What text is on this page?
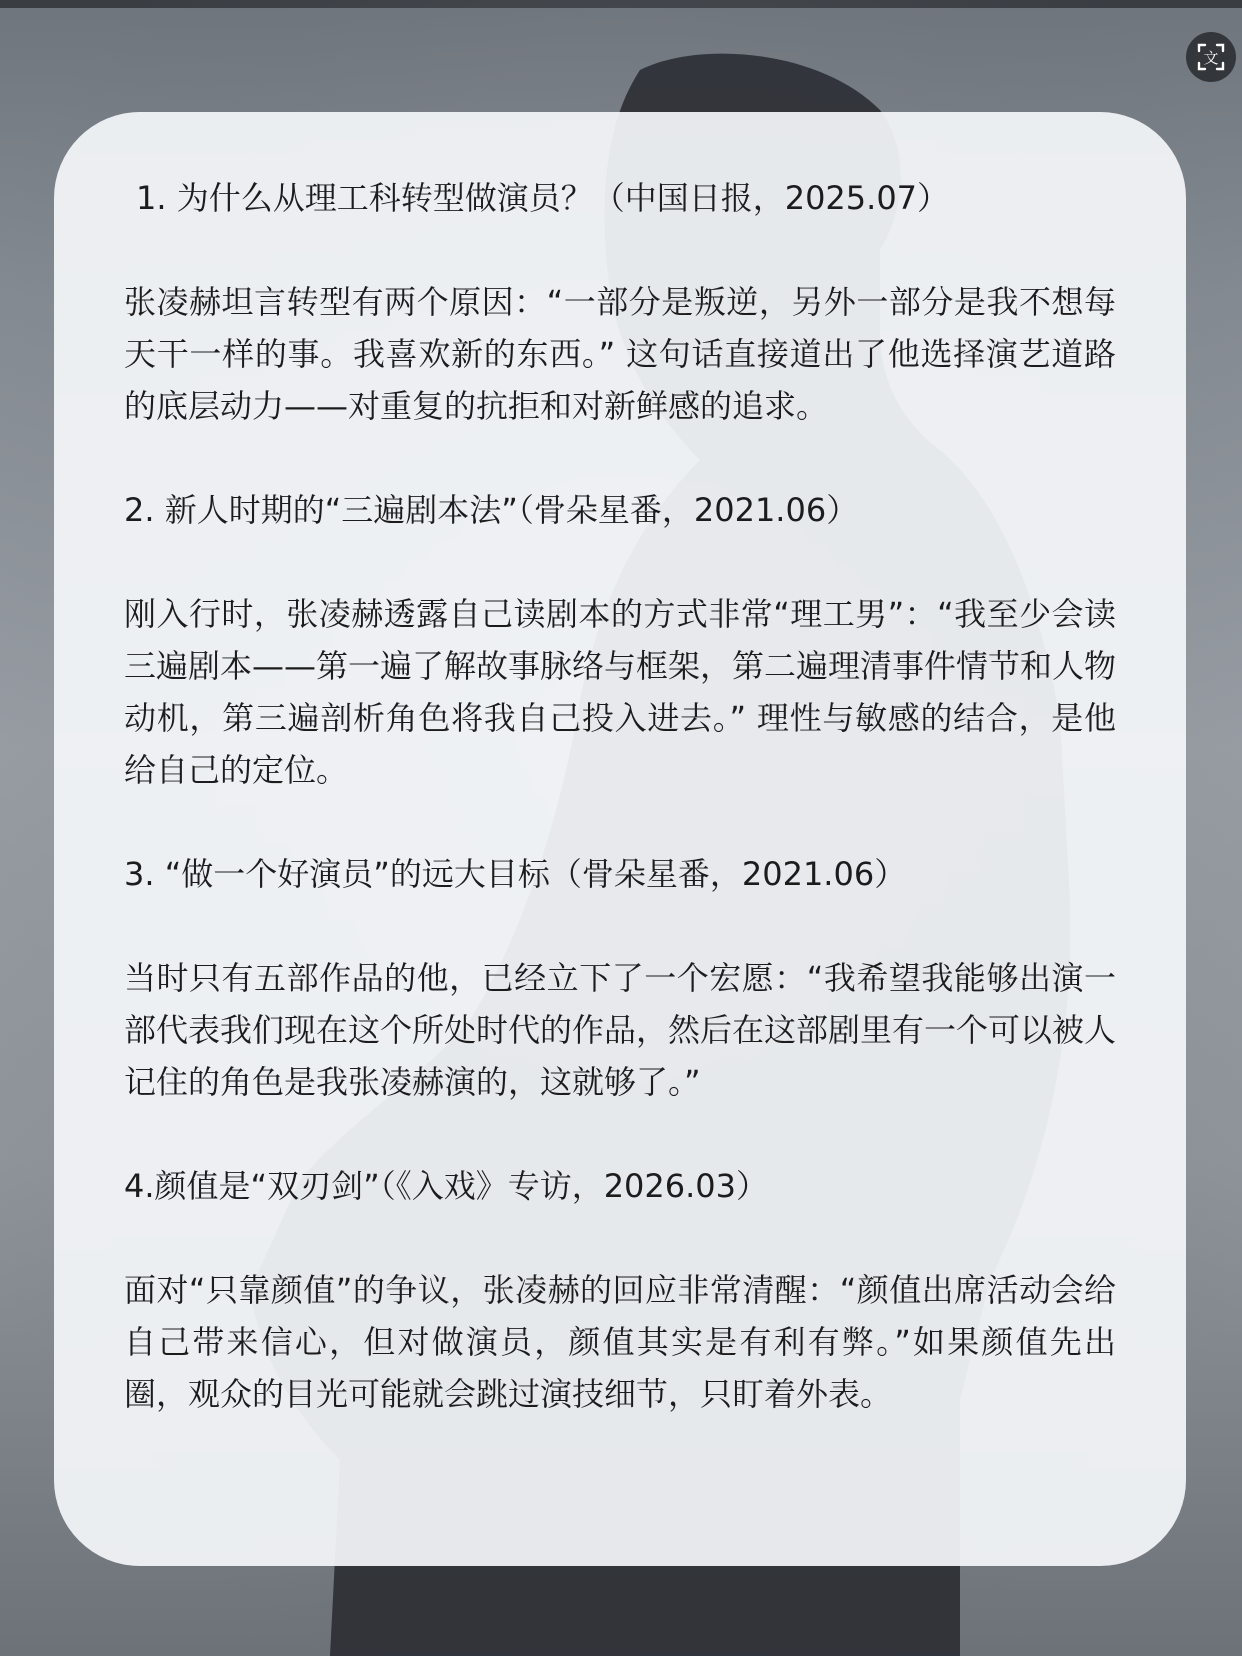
文

1. 为什么从理工科转型做演员？（中国日报，2025.07）

张凌赫坦言转型有两个原因：“一部分是叛逆，另外一部分是我不想每天干一样的事。我喜欢新的东西。” 这句话直接道出了他选择演艺道路的底层动力——对重复的抗拒和对新鲜感的追求。

2. 新人时期的“三遍剧本法”（骨朵星番，2021.06）

刚入行时，张凌赫透露自己读剧本的方式非常“理工男”：“我至少会读三遍剧本——第一遍了解故事脉络与框架，第二遍理清事件情节和人物动机，第三遍剖析角色将我自己投入进去。” 理性与敏感的结合，是他给自己的定位。

3. “做一个好演员”的远大目标（骨朵星番，2021.06）

当时只有五部作品的他，已经立下了一个宏愿：“我希望我能够出演一部代表我们现在这个所处时代的作品，然后在这部剧里有一个可以被人记住的角色是我张凌赫演的，这就够了。”

4.颜值是“双刃剑”（《入戏》专访，2026.03）

面对“只靠颜值”的争议，张凌赫的回应非常清醒：“颜值出席活动会给自己带来信心，但对做演员，颜值其实是有利有弊。”如果颜值先出圈，观众的目光可能就会跳过演技细节，只盯着外表。
